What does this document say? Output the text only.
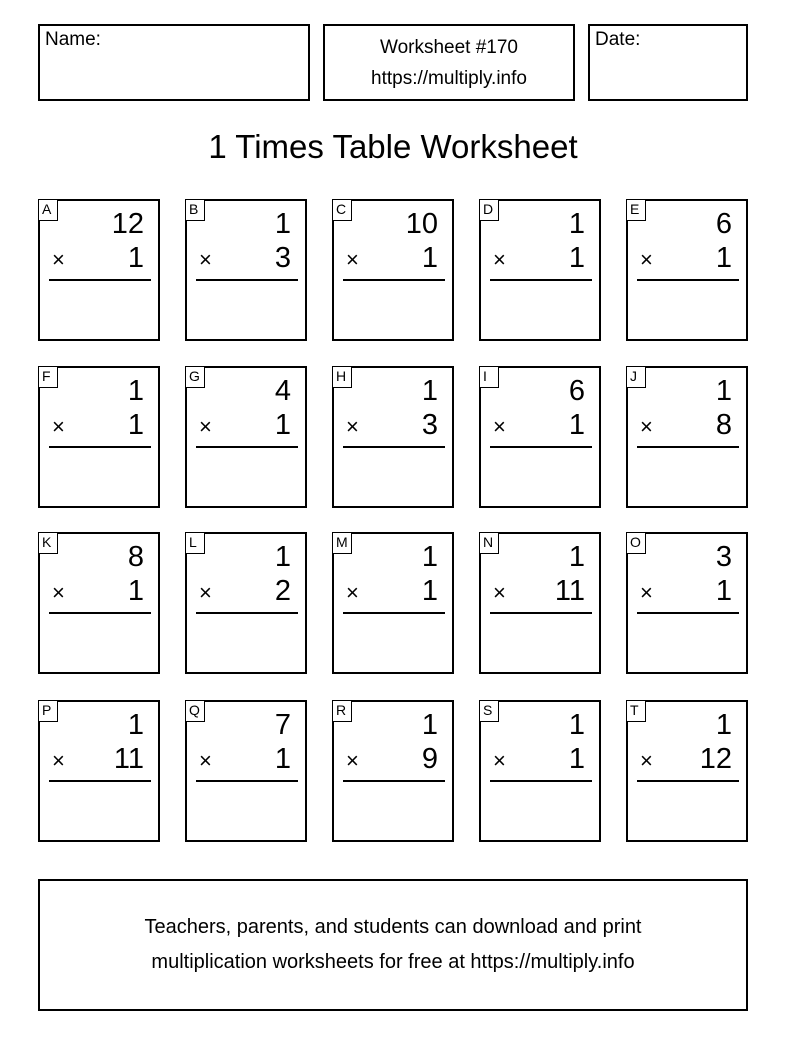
Name:	Worksheet #170
https://multiply.info
Date:
1 Times Table Worksheet
A 12
× 1
B	1
× 3
C 10
× 1
D	1
× 1
E	6
× 1
F	1
× 1
G	4
× 1
H	1
× 3
I	6
× 1
J	1
× 8
K	8
× 1
L	1
× 2
M	1
× 1
N	1
× 11
O	3
× 1
P	1
× 11
Q	7
× 1
R	1
× 9
S	1
× 1
T	1
× 12
Teachers, parents, and students can download and print
multiplication worksheets for free at https://multiply.info
